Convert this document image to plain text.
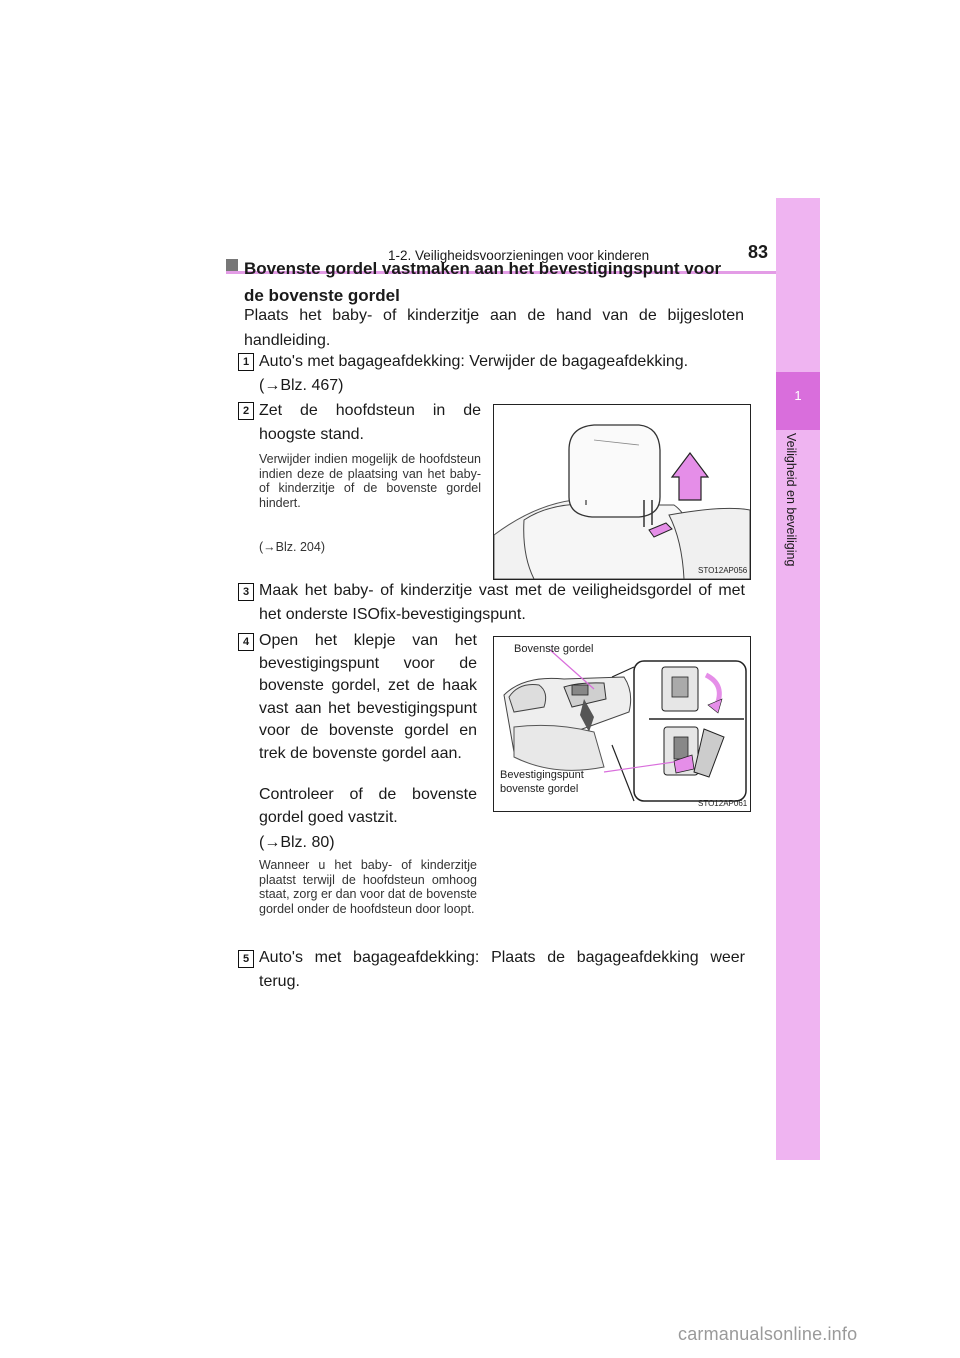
1-2. Veiligheidsvoorzieningen voor kinderen	83
1
Veiligheid en beveiliging
Bovenste gordel vastmaken aan het bevestigingspunt voor de bovenste gordel
Plaats het baby- of kinderzitje aan de hand van de bijgesloten handleiding.
1 Auto's met bagageafdekking: Verwijder de bagageafdekking.
(→Blz. 467)
2 Zet de hoofdsteun in de hoogste stand.
Verwijder indien mogelijk de hoofdsteun indien deze de plaatsing van het baby- of kinderzitje of de bovenste gordel hindert.
(→Blz. 204)
STO12AP056
3 Maak het baby- of kinderzitje vast met de veiligheidsgordel of met het onderste ISOfix-bevestigingspunt.
4 Open het klepje van het bevestigingspunt voor de bovenste gordel, zet de haak vast aan het bevestigingspunt voor de bovenste gordel en trek de bovenste gordel aan.
Controleer of de bovenste gordel goed vastzit.
(→Blz. 80)
Wanneer u het baby- of kinderzitje plaatst terwijl de hoofdsteun omhoog staat, zorg er dan voor dat de bovenste gordel onder de hoofdsteun door loopt.
Bovenste gordel
Bevestigingspunt
bovenste gordel
STO12AP061
5 Auto's met bagageafdekking: Plaats de bagageafdekking weer terug.
carmanualsonline.info
